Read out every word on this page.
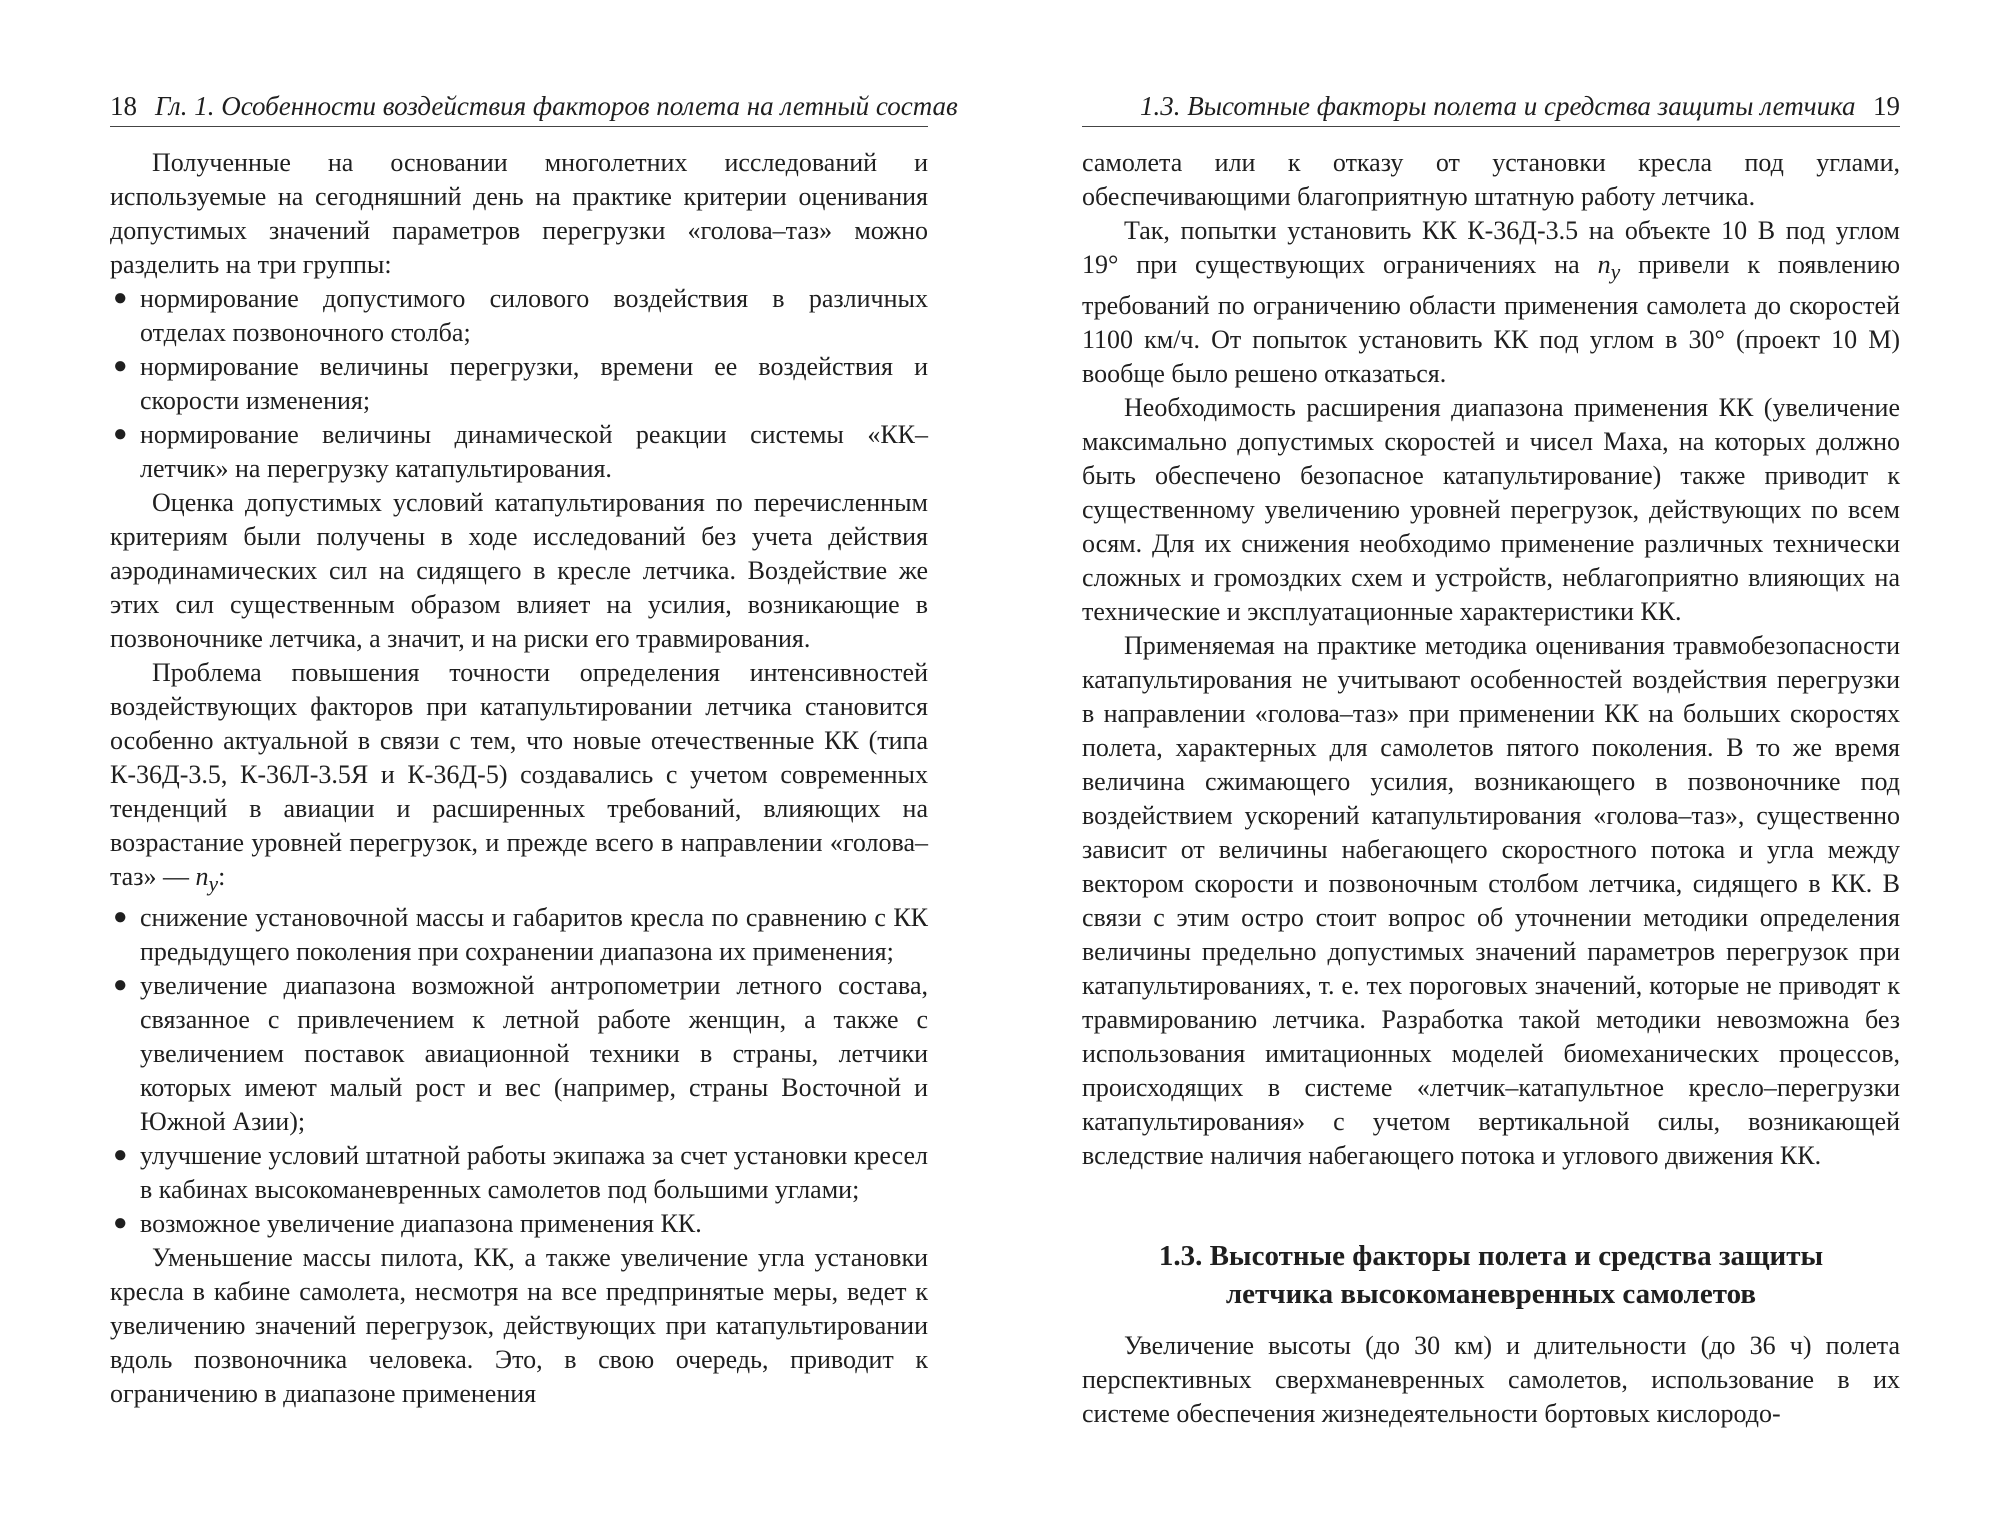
18 Гл. 1. Особенности воздействия факторов полета на летный состав

Полученные на основании многолетних исследований и используемые на сегодняшний день на практике критерии оценивания допустимых значений параметров перегрузки «голова–таз» можно разделить на три группы:

● нормирование допустимого силового воздействия в различных отделах позвоночного столба;
● нормирование величины перегрузки, времени ее воздействия и скорости изменения;
● нормирование величины динамической реакции системы «КК–летчик» на перегрузку катапультирования.

Оценка допустимых условий катапультирования по перечисленным критериям были получены в ходе исследований без учета действия аэродинамических сил на сидящего в кресле летчика. Воздействие же этих сил существенным образом влияет на усилия, возникающие в позвоночнике летчика, а значит, и на риски его травмирования.

Проблема повышения точности определения интенсивностей воздействующих факторов при катапультировании летчика становится особенно актуальной в связи с тем, что новые отечественные КК (типа К-36Д-3.5, К-36Л-3.5Я и К-36Д-5) создавались с учетом современных тенденций в авиации и расширенных требований, влияющих на возрастание уровней перегрузок, и прежде всего в направлении «голова–таз» — $n_y$:

● снижение установочной массы и габаритов кресла по сравнению с КК предыдущего поколения при сохранении диапазона их применения;
● увеличение диапазона возможной антропометрии летного состава, связанное с привлечением к летной работе женщин, а также с увеличением поставок авиационной техники в страны, летчики которых имеют малый рост и вес (например, страны Восточной и Южной Азии);
● улучшение условий штатной работы экипажа за счет установки кресел в кабинах высокоманевренных самолетов под большими углами;
● возможное увеличение диапазона применения КК.

Уменьшение массы пилота, КК, а также увеличение угла установки кресла в кабине самолета, несмотря на все предпринятые меры, ведет к увеличению значений перегрузок, действующих при катапультировании вдоль позвоночника человека. Это, в свою очередь, приводит к ограничению в диапазоне применения

1.3. Высотные факторы полета и средства защиты летчика 19

самолета или к отказу от установки кресла под углами, обеспечивающими благоприятную штатную работу летчика.

Так, попытки установить КК К-36Д-3.5 на объекте 10 В под углом 19° при существующих ограничениях на $n_y$ привели к появлению требований по ограничению области применения самолета до скоростей 1100 км/ч. От попыток установить КК под углом в 30° (проект 10 М) вообще было решено отказаться.

Необходимость расширения диапазона применения КК (увеличение максимально допустимых скоростей и чисел Маха, на которых должно быть обеспечено безопасное катапультирование) также приводит к существенному увеличению уровней перегрузок, действующих по всем осям. Для их снижения необходимо применение различных технически сложных и громоздких схем и устройств, неблагоприятно влияющих на технические и эксплуатационные характеристики КК.

Применяемая на практике методика оценивания травмобезопасности катапультирования не учитывают особенностей воздействия перегрузки в направлении «голова–таз» при применении КК на больших скоростях полета, характерных для самолетов пятого поколения. В то же время величина сжимающего усилия, возникающего в позвоночнике под воздействием ускорений катапультирования «голова–таз», существенно зависит от величины набегающего скоростного потока и угла между вектором скорости и позвоночным столбом летчика, сидящего в КК. В связи с этим остро стоит вопрос об уточнении методики определения величины предельно допустимых значений параметров перегрузок при катапультированиях, т. е. тех пороговых значений, которые не приводят к травмированию летчика. Разработка такой методики невозможна без использования имитационных моделей биомеханических процессов, происходящих в системе «летчик–катапультное кресло–перегрузки катапультирования» с учетом вертикальной силы, возникающей вследствие наличия набегающего потока и углового движения КК.

1.3. Высотные факторы полета и средства защиты
летчика высокоманевренных самолетов

Увеличение высоты (до 30 км) и длительности (до 36 ч) полета перспективных сверхманевренных самолетов, использование в их системе обеспечения жизнедеятельности бортовых кислородо-
